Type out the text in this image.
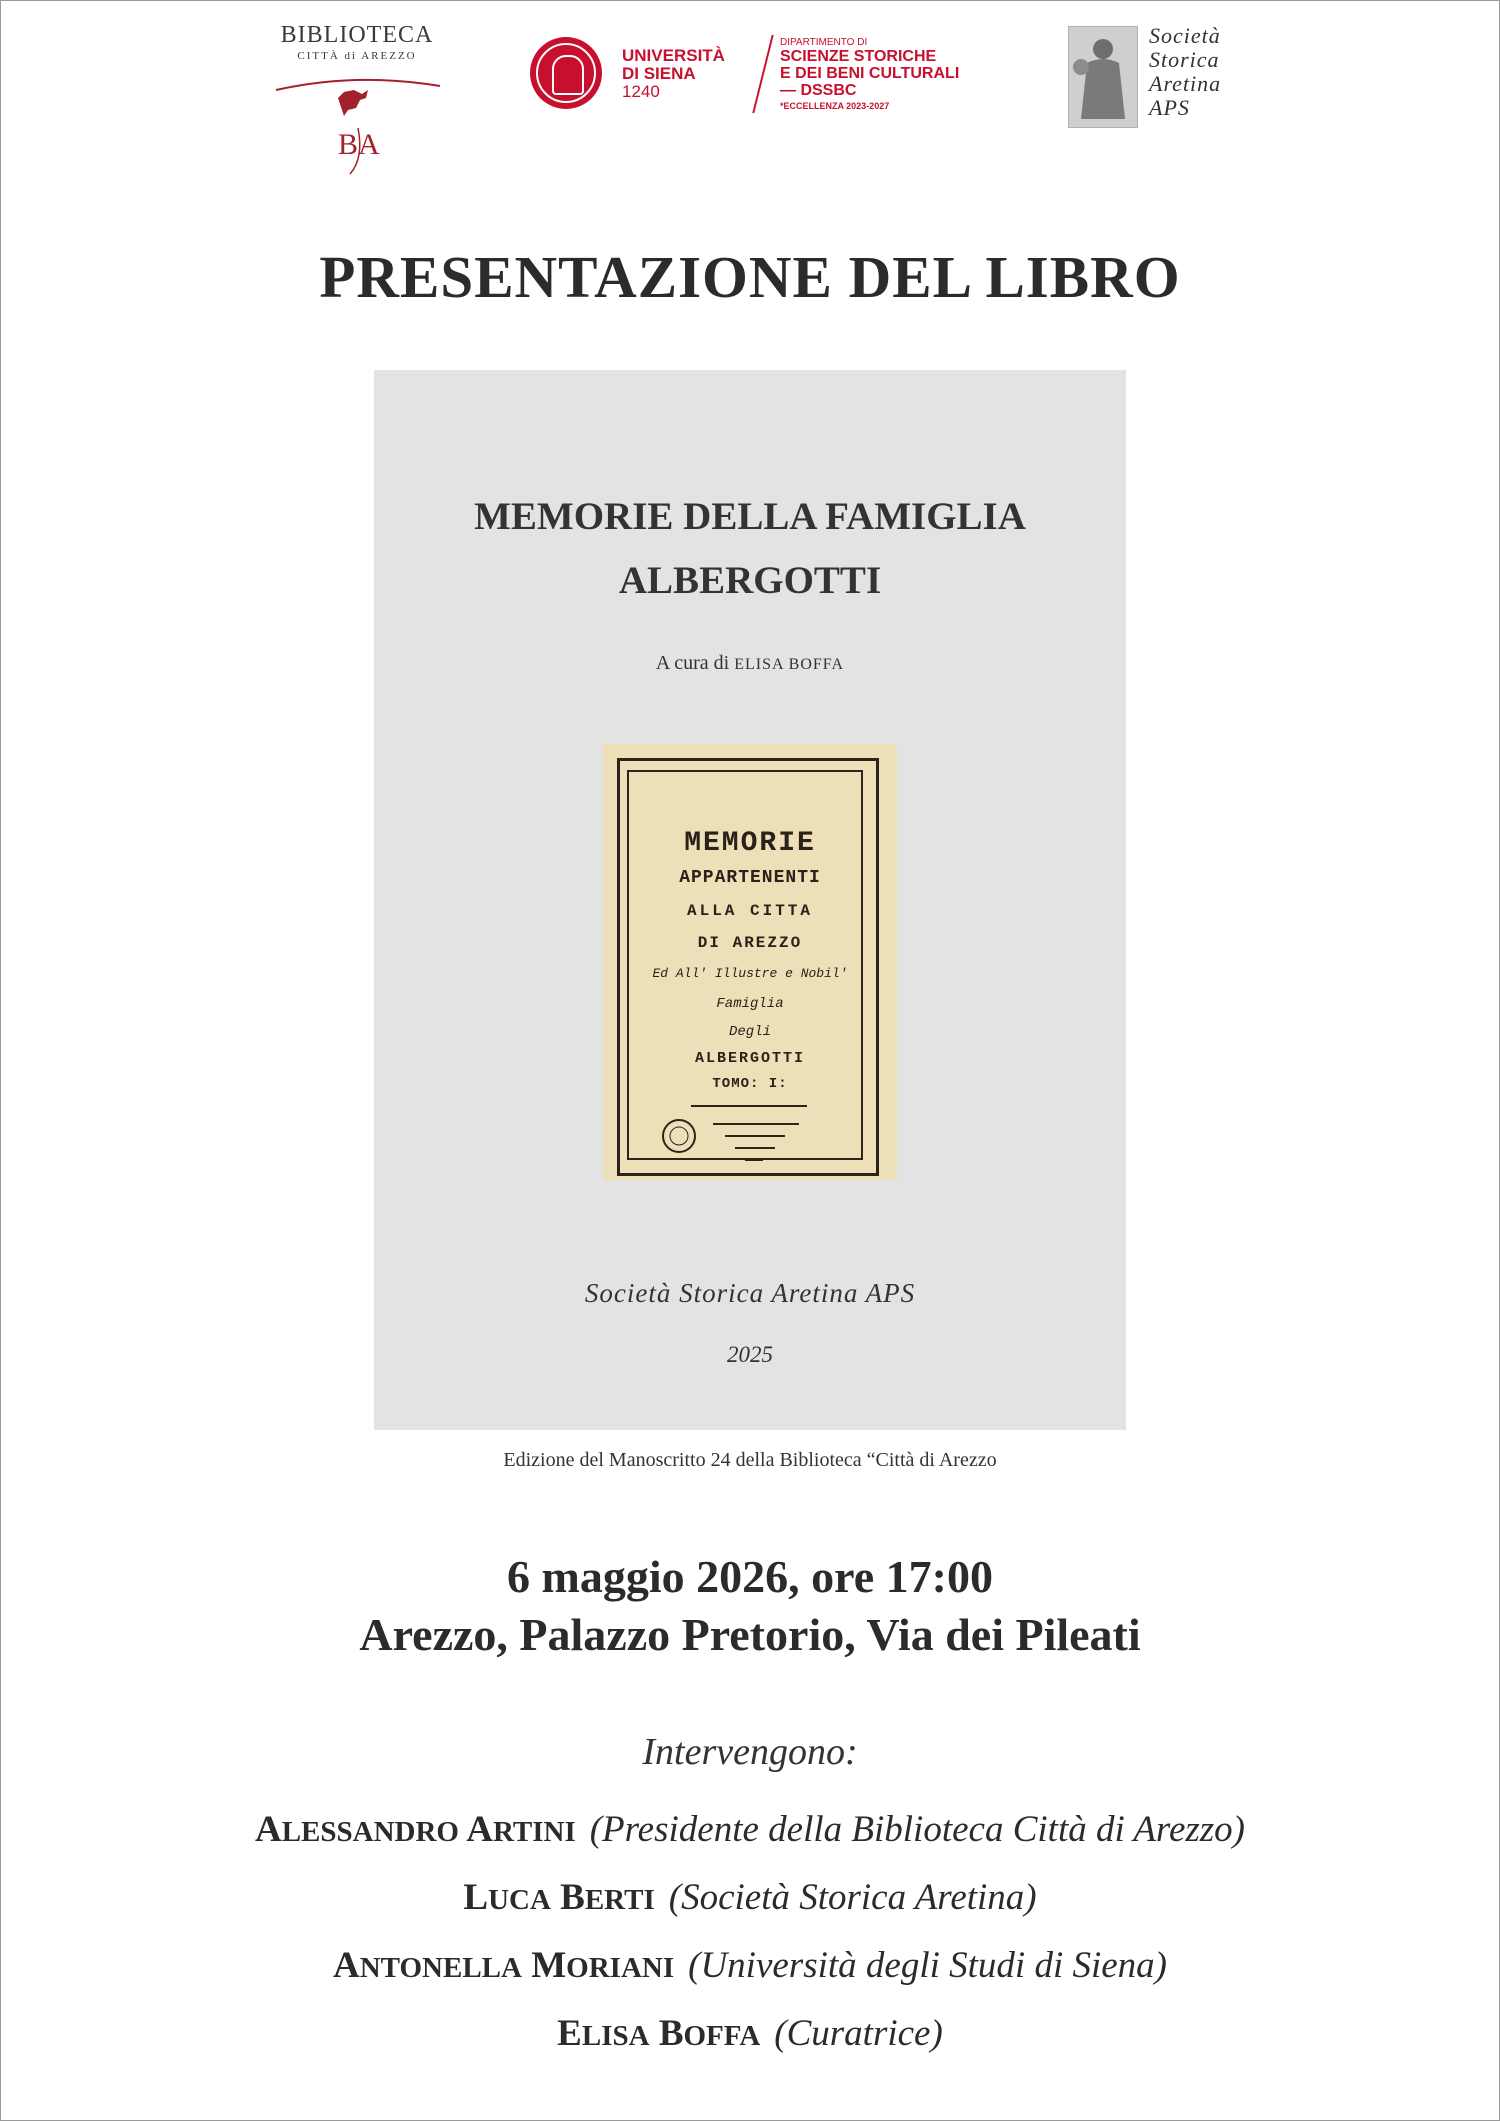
BIBLIOTECA
CITTÀ di AREZZO
BA
UNIVERSITÀ
DI SIENA
1240
DIPARTIMENTO DI
SCIENZE STORICHE
E DEI BENI CULTURALI
— DSSBC
*ECCELLENZA 2023-2027
Società
Storica
Aretina
APS
PRESENTAZIONE DEL LIBRO
MEMORIE DELLA FAMIGLIA
ALBERGOTTI
A cura di ELISA BOFFA
MEMORIE
APPARTENENTI
ALLA CITTA
DI AREZZO
Ed All' Illustre e Nobil'
Famiglia
Degli
ALBERGOTTI
TOMO: I:
Società Storica Aretina APS
2025
Edizione del Manoscritto 24 della Biblioteca “Città di Arezzo
6 maggio 2026, ore 17:00
Arezzo, Palazzo Pretorio, Via dei Pileati
Intervengono:
ALESSANDRO ARTINI (Presidente della Biblioteca Città di Arezzo)
LUCA BERTI (Società Storica Aretina)
ANTONELLA MORIANI (Università degli Studi di Siena)
ELISA BOFFA (Curatrice)
